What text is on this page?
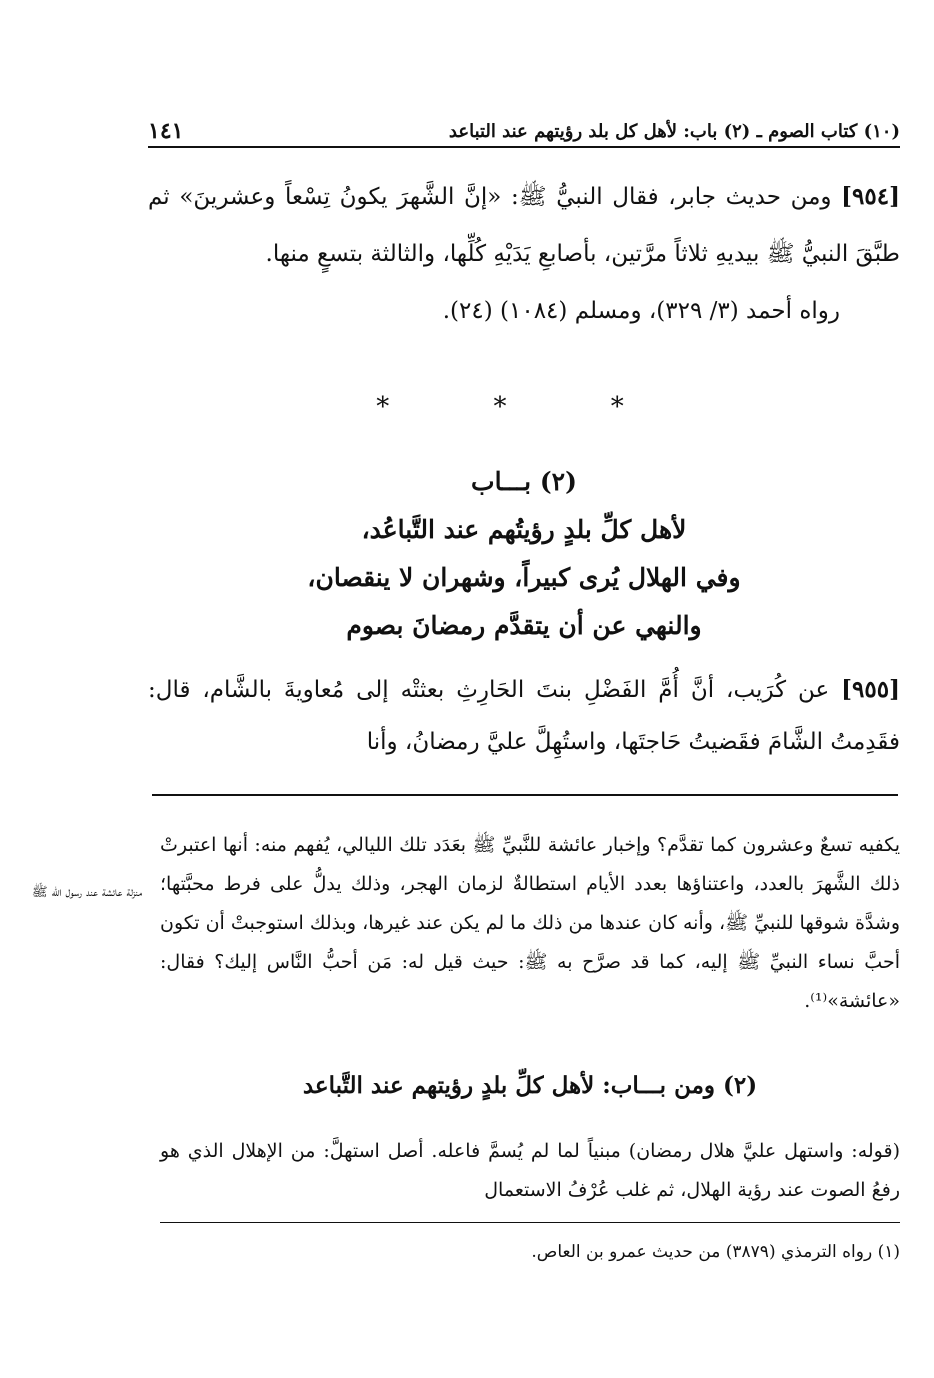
(١٠) كتاب الصوم ـ (٢) باب: لأهل كل بلد رؤيتهم عند التباعد
١٤١

[٩٥٤] ومن حديث جابر، فقال النبيُّ ﷺ: «إنَّ الشَّهرَ يكونُ تِسْعاً وعشرينَ» ثم طبَّقَ النبيُّ ﷺ بيديهِ ثلاثاً مرَّتين، بأصابعِ يَدَيْهِ كُلِّها، والثالثة بتسعٍ منها.

رواه أحمد (٣/ ٣٢٩)، ومسلم (١٠٨٤) (٢٤).

* * *
(٢) بـــاب
لأهل كلِّ بلدٍ رؤيتُهم عند التَّباعُد،
وفي الهلال يُرى كبيراً، وشهران لا ينقصان،
والنهي عن أن يتقدَّم رمضانَ بصوم

[٩٥٥] عن كُرَيب، أنَّ أُمَّ الفَضْلِ بنتَ الحَارِثِ بعثتْه إلى مُعاويةَ بالشَّام، قال: فقَدِمتُ الشَّامَ فقَضيتُ حَاجتَها، واستُهِلَّ عليَّ رمضانُ، وأنا

يكفيه تسعٌ وعشرون كما تقدَّم؟ وإخبار عائشة للنَّبيِّ ﷺ بعَدَد تلك الليالي، يُفهم منه: أنها اعتبرتْ ذلك الشَّهرَ بالعدد، واعتناؤها بعدد الأيام استطالةٌ لزمان الهجر، وذلك يدلُّ على فرط محبَّتها؛ وشدَّة شوقها للنبيِّ ﷺ، وأنه كان عندها من ذلك ما لم يكن عند غيرها، وبذلك استوجبتْ أن تكون أحبَّ نساء النبيِّ ﷺ إليه، كما قد صرَّح به ﷺ: حيث قيل له: مَن أحبُّ النَّاس إليك؟ فقال: «عائشة»⁽¹⁾.

منزلة عائشة عند رسول الله ﷺ
(٢) ومن بـــاب: لأهل كلِّ بلدٍ رؤيتهم عند التَّباعد

(قوله: واستهل عليَّ هلال رمضان) مبنياً لما لم يُسمَّ فاعله. أصل استهلَّ: من الإهلال الذي هو رفعُ الصوت عند رؤية الهلال، ثم غلب عُرْفُ الاستعمال

(١) رواه الترمذي (٣٨٧٩) من حديث عمرو بن العاص.
